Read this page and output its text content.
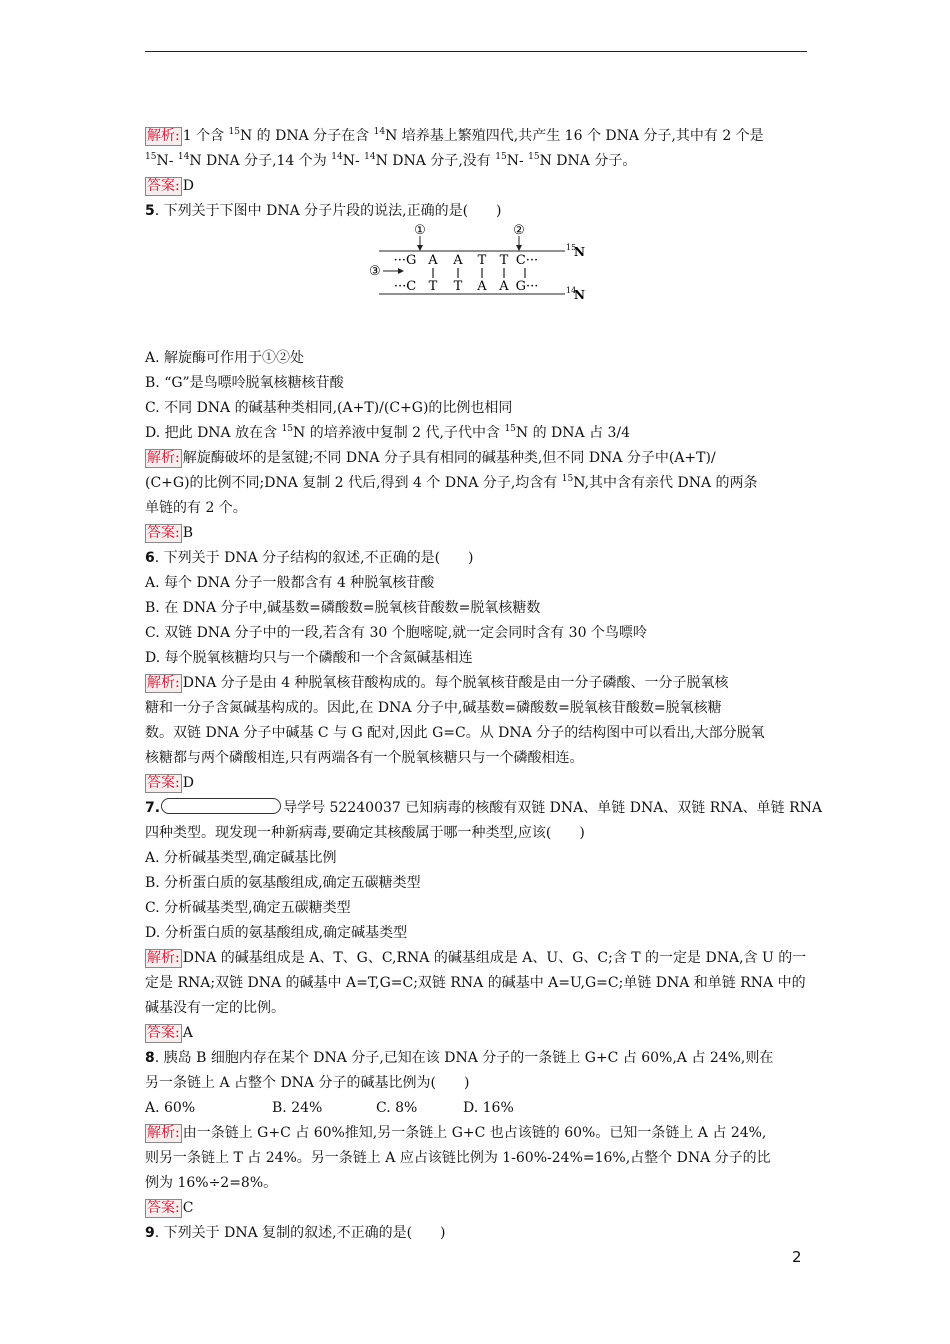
解析: 1 个含 $^{15}$N 的 DNA 分子在含 $^{14}$N 培养基上繁殖四代,共产生 16 个 DNA 分子,其中有 2 个是
$^{15}$N- $^{14}$N DNA 分子,14 个为 $^{14}$N- $^{14}$N DNA 分子,没有 $^{15}$N- $^{15}$N DNA 分子。
答案: D
5. 下列关于下图中 DNA 分子片段的说法,正确的是(　　)
A. 解旋酶可作用于①②处
B. “G”是鸟嘌呤脱氧核糖核苷酸
C. 不同 DNA 的碱基种类相同,(A+T)/(C+G)的比例也相同
D. 把此 DNA 放在含 $^{15}$N 的培养液中复制 2 代,子代中含 $^{15}$N 的 DNA 占 3/4
解析: 解旋酶破坏的是氢键;不同 DNA 分子具有相同的碱基种类,但不同 DNA 分子中(A+T)/
(C+G)的比例不同;DNA 复制 2 代后,得到 4 个 DNA 分子,均含有 $^{15}$N,其中含有亲代 DNA 的两条
单链的有 2 个。
答案: B
6. 下列关于 DNA 分子结构的叙述,不正确的是(　　)
A. 每个 DNA 分子一般都含有 4 种脱氧核苷酸
B. 在 DNA 分子中,碱基数=磷酸数=脱氧核苷酸数=脱氧核糖数
C. 双链 DNA 分子中的一段,若含有 30 个胞嘧啶,就一定会同时含有 30 个鸟嘌呤
D. 每个脱氧核糖均只与一个磷酸和一个含氮碱基相连
解析: DNA 分子是由 4 种脱氧核苷酸构成的。每个脱氧核苷酸是由一分子磷酸、一分子脱氧核
糖和一分子含氮碱基构成的。因此,在 DNA 分子中,碱基数=磷酸数=脱氧核苷酸数=脱氧核糖
数。双链 DNA 分子中碱基 C 与 G 配对,因此 G=C。从 DNA 分子的结构图中可以看出,大部分脱氧
核糖都与两个磷酸相连,只有两端各有一个脱氧核糖只与一个磷酸相连。
答案: D
7.	导学号 52240037 已知病毒的核酸有双链 DNA、单链 DNA、双链 RNA、单链 RNA
四种类型。现发现一种新病毒,要确定其核酸属于哪一种类型,应该(　　)
A. 分析碱基类型,确定碱基比例
B. 分析蛋白质的氨基酸组成,确定五碳糖类型
C. 分析碱基类型,确定五碳糖类型
D. 分析蛋白质的氨基酸组成,确定碱基类型
解析: DNA 的碱基组成是 A、T、G、C,RNA 的碱基组成是 A、U、G、C;含 T 的一定是 DNA,含 U 的一
定是 RNA;双链 DNA 的碱基中 A=T,G=C;双链 RNA 的碱基中 A=U,G=C;单链 DNA 和单链 RNA 中的
碱基没有一定的比例。
答案: A
8. 胰岛 B 细胞内存在某个 DNA 分子,已知在该 DNA 分子的一条链上 G+C 占 60%,A 占 24%,则在
另一条链上 A 占整个 DNA 分子的碱基比例为(　　)
A. 60%	B. 24%	C. 8%	D. 16%
解析: 由一条链上 G+C 占 60%推知,另一条链上 G+C 也占该链的 60%。已知一条链上 A 占 24%,
则另一条链上 T 占 24%。另一条链上 A 应占该链比例为 1-60%-24%=16%,占整个 DNA 分子的比
例为 16%÷2=8%。
答案: C
9. 下列关于 DNA 复制的叙述,不正确的是(　　)
①	②
③
15
N
14
N
···G A A T T C···
···C T T A A G···
2
